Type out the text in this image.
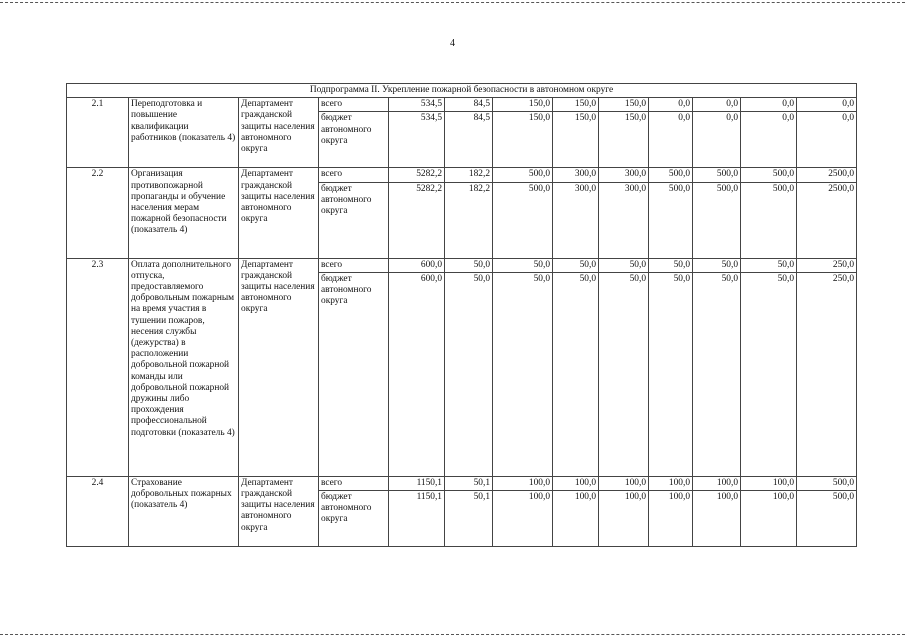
4
Подпрограмма II. Укрепление пожарной безопасности в автономном округе												
2.1	Переподготовка и повышение квалификации работников (показатель 4)	Департамент гражданской защиты населения автономного округа	всего	534,5	84,5	150,0	150,0	150,0	0,0	0,0	0,0	0,0
			бюджет автономного округа	534,5	84,5	150,0	150,0	150,0	0,0	0,0	0,0	0,0
2.2	Организация противопожарной пропаганды и обучение населения мерам пожарной безопасности (показатель 4)	Департамент гражданской защиты населения автономного округа	всего	5282,2	182,2	500,0	300,0	300,0	500,0	500,0	500,0	2500,0
			бюджет автономного округа	5282,2	182,2	500,0	300,0	300,0	500,0	500,0	500,0	2500,0
2.3	Оплата дополнительного отпуска, предоставляемого добровольным пожарным на время участия в тушении пожаров, несения службы (дежурства) в расположении добровольной пожарной команды или добровольной пожарной дружины либо прохождения профессиональной подготовки (показатель 4)	Департамент гражданской защиты населения автономного округа	всего	600,0	50,0	50,0	50,0	50,0	50,0	50,0	50,0	250,0
			бюджет автономного округа	600,0	50,0	50,0	50,0	50,0	50,0	50,0	50,0	250,0
2.4	Страхование добровольных пожарных (показатель 4)	Департамент гражданской защиты населения автономного округа	всего	1150,1	50,1	100,0	100,0	100,0	100,0	100,0	100,0	500,0
			бюджет автономного округа	1150,1	50,1	100,0	100,0	100,0	100,0	100,0	100,0	500,0
